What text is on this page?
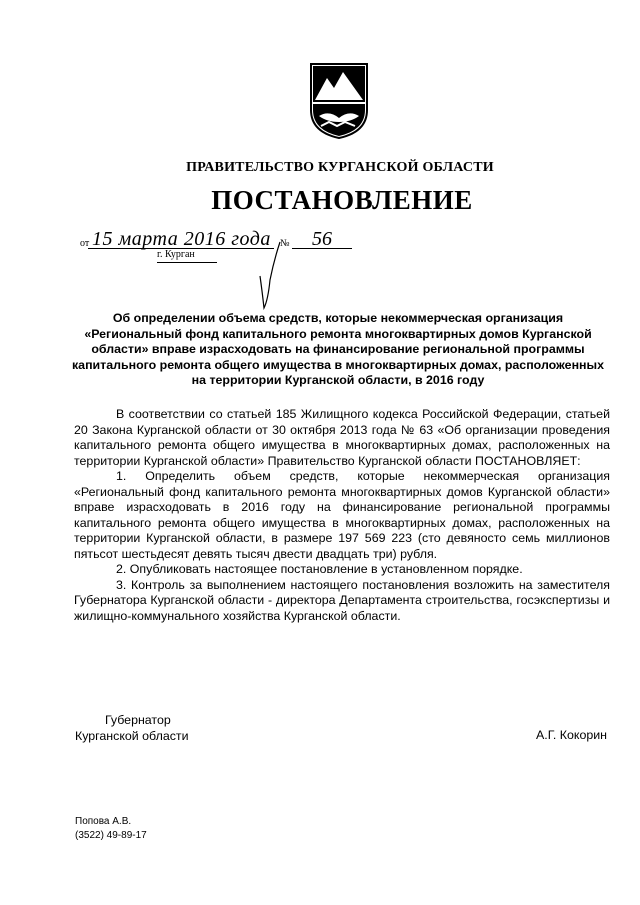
ПРАВИТЕЛЬСТВО КУРГАНСКОЙ ОБЛАСТИ
ПОСТАНОВЛЕНИЕ
от 15 марта 2016 года № 56
г. Курган
Об определении объема средств, которые некоммерческая организация «Региональный фонд капитального ремонта многоквартирных домов Курганской области» вправе израсходовать на финансирование региональной программы капитального ремонта общего имущества в многоквартирных домах, расположенных на территории Курганской области, в 2016 году

В соответствии со статьей 185 Жилищного кодекса Российской Федерации, статьей 20 Закона Курганской области от 30 октября 2013 года № 63 «Об организации проведения капитального ремонта общего имущества в многоквартирных домах, расположенных на территории Курганской области» Правительство Курганской области ПОСТАНОВЛЯЕТ:

1. Определить объем средств, которые некоммерческая организация «Региональный фонд капитального ремонта многоквартирных домов Курганской области» вправе израсходовать в 2016 году на финансирование региональной программы капитального ремонта общего имущества в многоквартирных домах, расположенных на территории Курганской области, в размере 197 569 223 (сто девяносто семь миллионов пятьсот шестьдесят девять тысяч двести двадцать три) рубля.

2. Опубликовать настоящее постановление в установленном порядке.

3. Контроль за выполнением настоящего постановления возложить на заместителя Губернатора Курганской области - директора Департамента строительства, госэкспертизы и жилищно-коммунального хозяйства Курганской области.

Губернатор
Курганской области	А.Г. Кокорин
Попова А.В.
(3522) 49-89-17
